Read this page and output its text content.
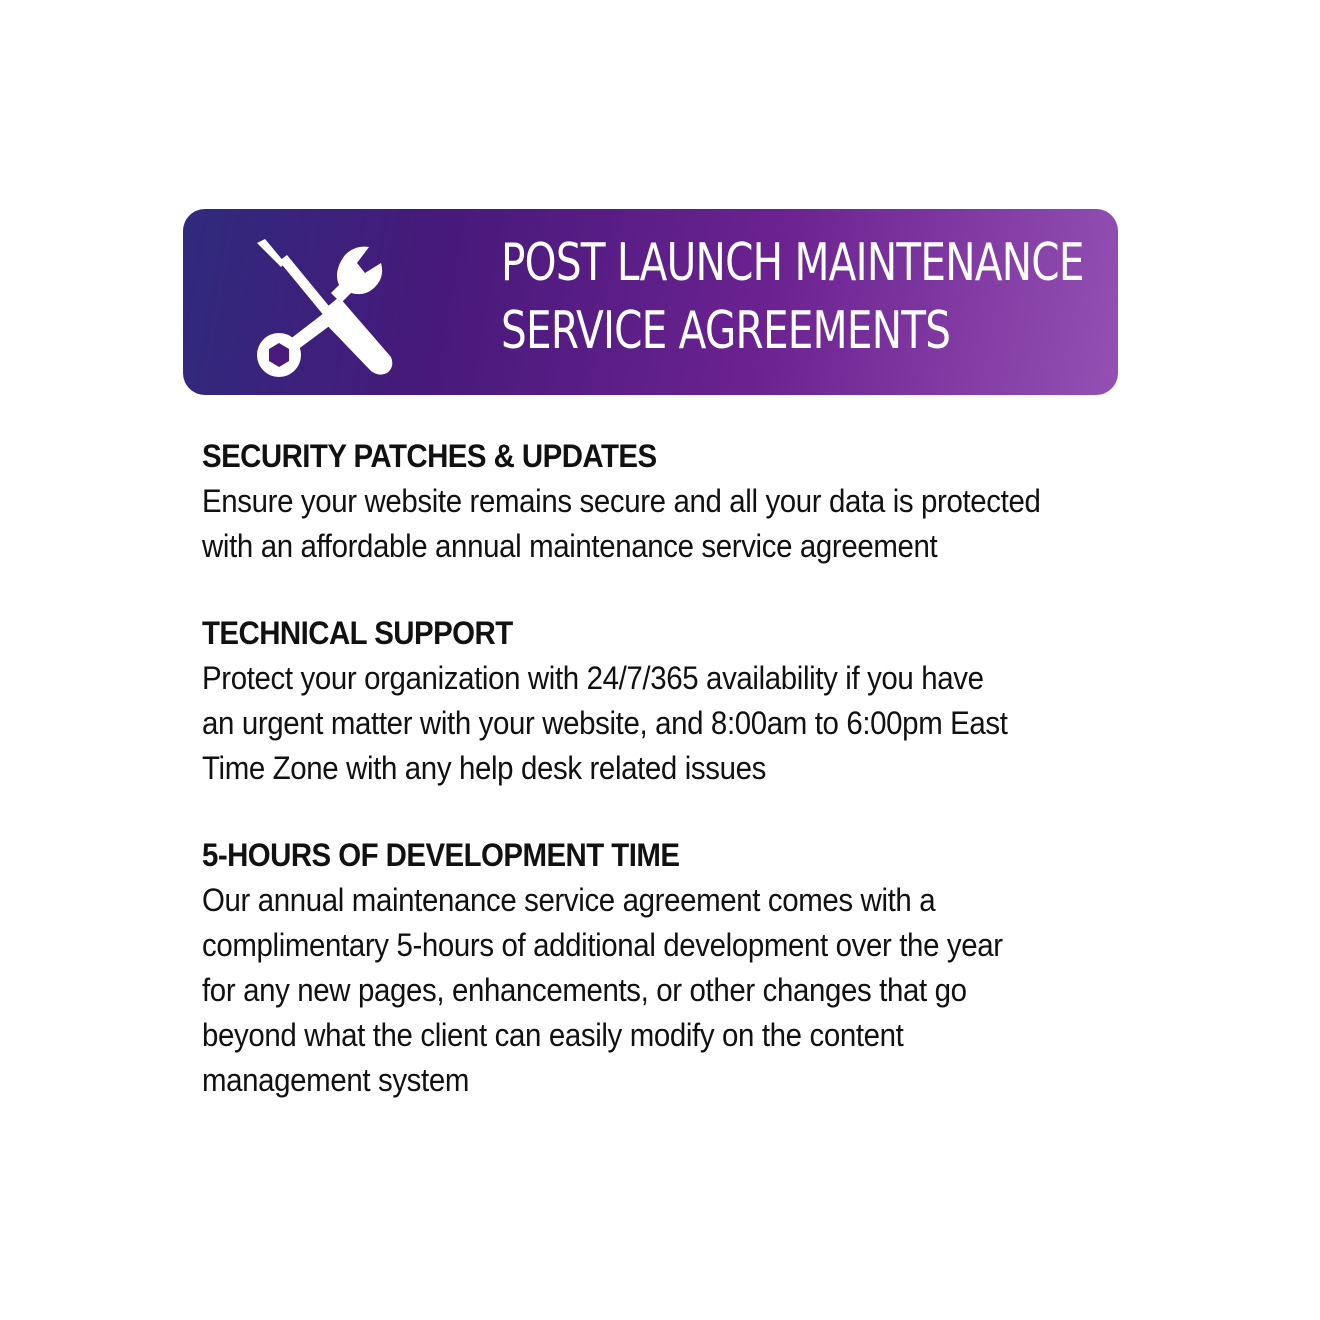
POST LAUNCH MAINTENANCE
SERVICE AGREEMENTS
SECURITY PATCHES & UPDATES
Ensure your website remains secure and all your data is protected
with an affordable annual maintenance service agreement
TECHNICAL SUPPORT
Protect your organization with 24/7/365 availability if you have
an urgent matter with your website, and 8:00am to 6:00pm East
Time Zone with any help desk related issues
5-HOURS OF DEVELOPMENT TIME
Our annual maintenance service agreement comes with a
complimentary 5-hours of additional development over the year
for any new pages, enhancements, or other changes that go
beyond what the client can easily modify on the content
management system
